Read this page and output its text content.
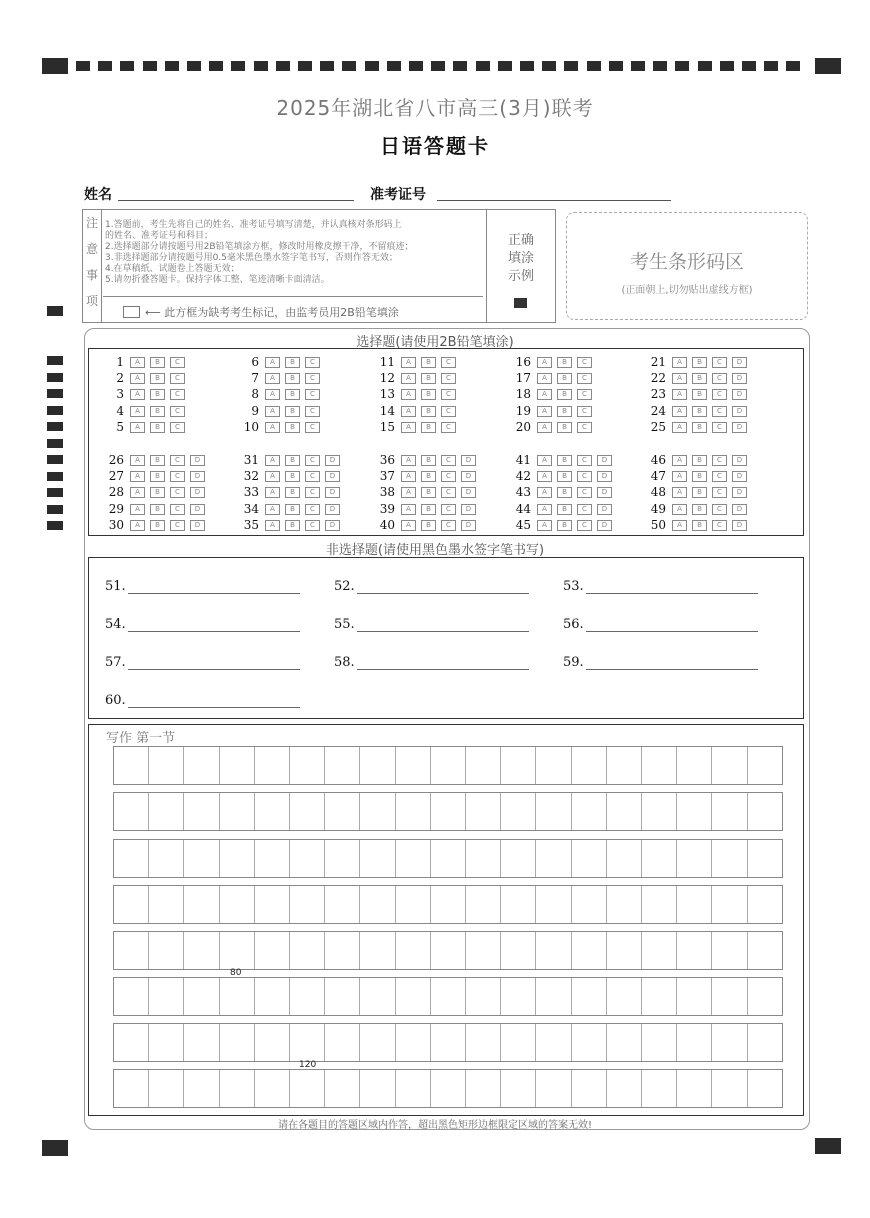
2025年湖北省八市高三(3月)联考
日语答题卡
姓名	准考证号
注
意
事
项
1.答题前，考生先将自己的姓名、准考证号填写清楚，并认真核对条形码上
的姓名、准考证号和科目；
2.选择题部分请按题号用2B铅笔填涂方框，修改时用橡皮擦干净，不留痕迹；
3.非选择题部分请按题号用0.5毫米黑色墨水签字笔书写，否则作答无效；
4.在草稿纸、试题卷上答题无效；
5.请勿折叠答题卡。保持字体工整、笔迹清晰卡面清洁。
⟵ 此方框为缺考考生标记，由监考员用2B铅笔填涂
正确
填涂
示例
考生条形码区
(正面朝上,切勿贴出虚线方框)
选择题(请使用2B铅笔填涂)
1 A B C
2 A B C
3 A B C
4 A B C
5 A B C
6 A B C
7 A B C
8 A B C
9 A B C
10 A B C
11 A B C
12 A B C
13 A B C
14 A B C
15 A B C
16 A B C
17 A B C
18 A B C
19 A B C
20 A B C
21 A B C D
22 A B C D
23 A B C D
24 A B C D
25 A B C D
26 A B C D
27 A B C D
28 A B C D
29 A B C D
30 A B C D
31 A B C D
32 A B C D
33 A B C D
34 A B C D
35 A B C D
36 A B C D
37 A B C D
38 A B C D
39 A B C D
40 A B C D
41 A B C D
42 A B C D
43 A B C D
44 A B C D
45 A B C D
46 A B C D
47 A B C D
48 A B C D
49 A B C D
50 A B C D
非选择题(请使用黑色墨水签字笔书写)
51.	52.	53.
54.	55.	56.
57.	58.	59.
60.
写作 第一节
80
120
请在各题目的答题区域内作答，超出黑色矩形边框限定区域的答案无效!
